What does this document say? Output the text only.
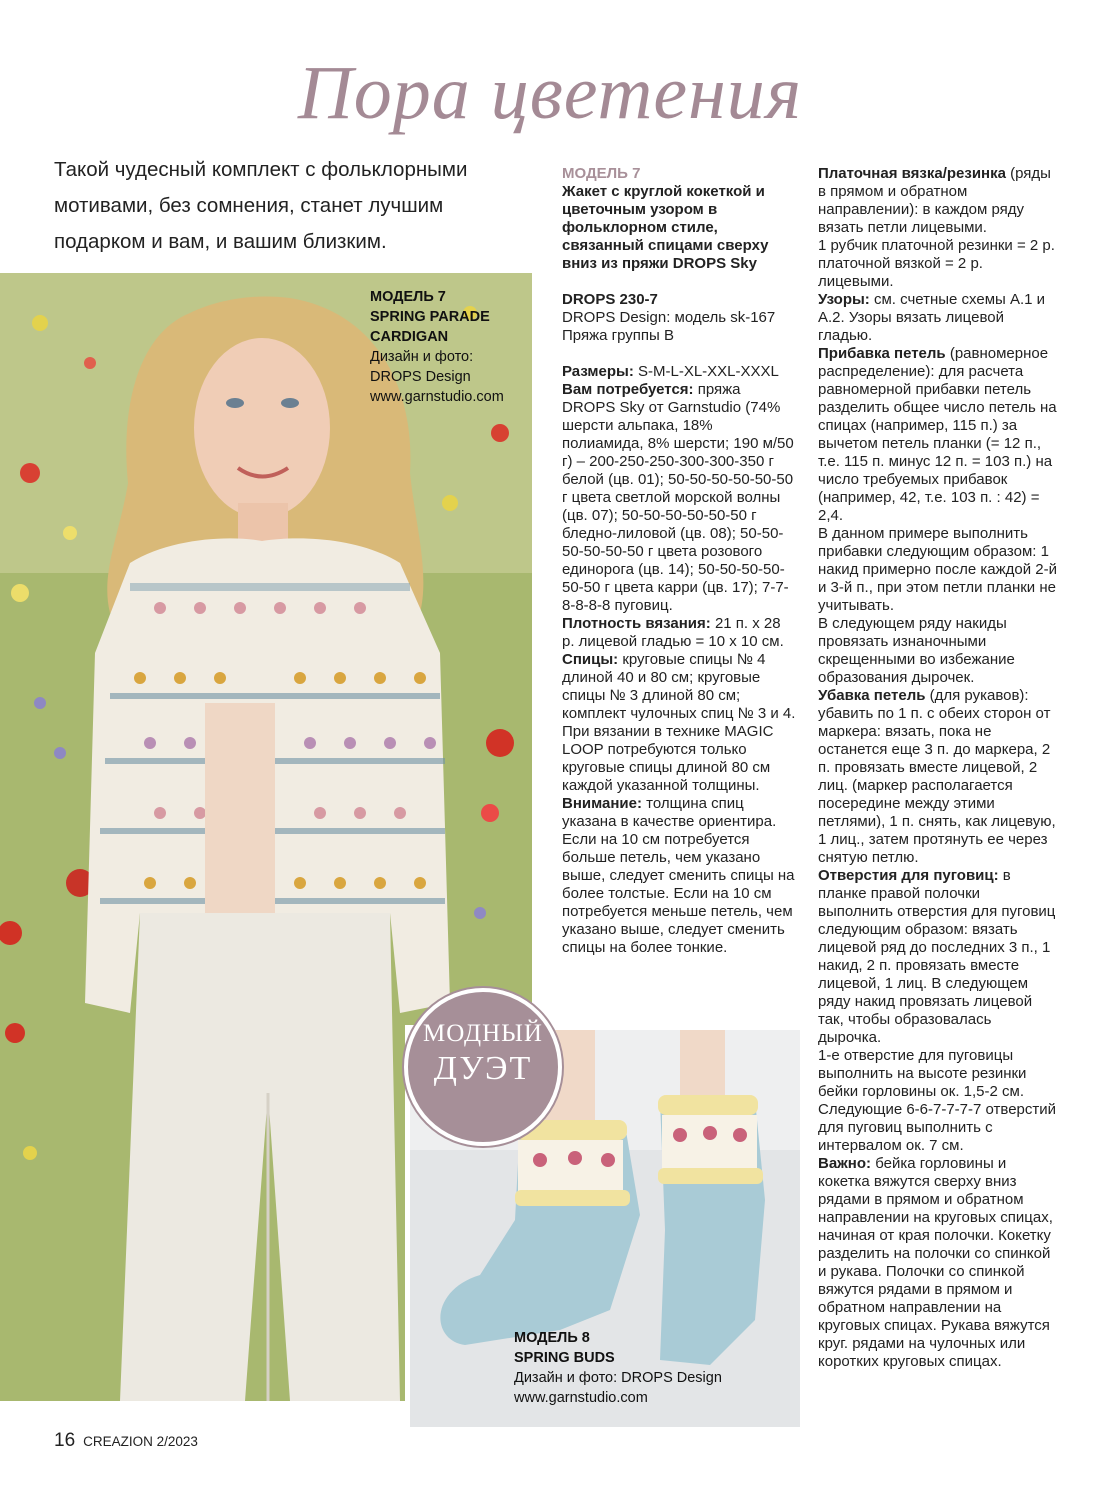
Пора цветения
Такой чудесный комплект с фольклорными мотивами, без сомнения, станет лучшим подарком и вам, и вашим близким.
МОДЕЛЬ 7
SPRING PARADE
CARDIGAN
Дизайн и фото:
DROPS Design
www.garnstudio.com
МОДНЫЙ
ДУЭТ
МОДЕЛЬ 8
SPRING BUDS
Дизайн и фото: DROPS Design
www.garnstudio.com

МОДЕЛЬ 7

Жакет с круглой кокеткой и цветочным узором в фольклорном стиле, связанный спицами сверху вниз из пряжи DROPS Sky

DROPS 230-7

DROPS Design: модель sk-167

Пряжа группы B

Размеры: S-M-L-XL-XXL-XXXL

Вам потребуется: пряжа DROPS Sky от Garnstudio (74% шерсти альпака, 18% полиамида, 8% шерсти; 190 м/50 г) – 200-250-250-300-300-350 г белой (цв. 01); 50-50-50-50-50-50 г цвета светлой морской волны (цв. 07); 50-50-50-50-50-50 г бледно-лиловой (цв. 08); 50-50-50-50-50-50 г цвета розового единорога (цв. 14); 50-50-50-50-50-50 г цвета карри (цв. 17); 7-7-8-8-8-8 пуговиц.

Плотность вязания: 21 п. х 28 р. лицевой гладью = 10 х 10 см.

Спицы: круговые спицы № 4 длиной 40 и 80 см; круговые спицы № 3 длиной 80 см; комплект чулочных спиц № 3 и 4. При вязании в технике MAGIC LOOP потребуются только круговые спицы длиной 80 см каждой указанной толщины.

Внимание: толщина спиц указана в качестве ориентира. Если на 10 см потребуется больше петель, чем указано выше, следует сменить спицы на более толстые. Если на 10 см потребуется меньше петель, чем указано выше, следует сменить спицы на более тонкие.

Платочная вязка/резинка (ряды в прямом и обратном направлении): в каждом ряду вязать петли лицевыми.

1 рубчик платочной резинки = 2 р. платочной вязкой = 2 р. лицевыми.

Узоры: см. счетные схемы А.1 и А.2. Узоры вязать лицевой гладью.

Прибавка петель (равномерное распределение): для расчета равномерной прибавки петель разделить общее число петель на спицах (например, 115 п.) за вычетом петель планки (= 12 п., т.е. 115 п. минус 12 п. = 103 п.) на число требуемых прибавок (например, 42, т.е. 103 п. : 42) = 2,4.

В данном примере выполнить прибавки следующим образом: 1 накид примерно после каждой 2-й и 3-й п., при этом петли планки не учитывать.

В следующем ряду накиды провязать изнаночными скрещенными во избежание образования дырочек.

Убавка петель (для рукавов): убавить по 1 п. с обеих сторон от маркера: вязать, пока не останется еще 3 п. до маркера, 2 п. провязать вместе лицевой, 2 лиц. (маркер располагается посередине между этими петлями), 1 п. снять, как лицевую, 1 лиц., затем протянуть ее через снятую петлю.

Отверстия для пуговиц: в планке правой полочки выполнить отверстия для пуговиц следующим образом: вязать лицевой ряд до последних 3 п., 1 накид, 2 п. провязать вместе лицевой, 1 лиц. В следующем ряду накид провязать лицевой так, чтобы образовалась дырочка.

1-е отверстие для пуговицы выполнить на высоте резинки бейки горловины ок. 1,5-2 см. Следующие 6-6-7-7-7-7 отверстий для пуговиц выполнить с интервалом ок. 7 см.

Важно: бейка горловины и кокетка вяжутся сверху вниз рядами в прямом и обратном направлении на круговых спицах, начиная от края полочки. Кокетку разделить на полочки со спинкой и рукава. Полочки со спинкой вяжутся рядами в прямом и обратном направлении на круговых спицах. Рукава вяжутся круг. рядами на чулочных или коротких круговых спицах.

16 CREAZION 2/2023
